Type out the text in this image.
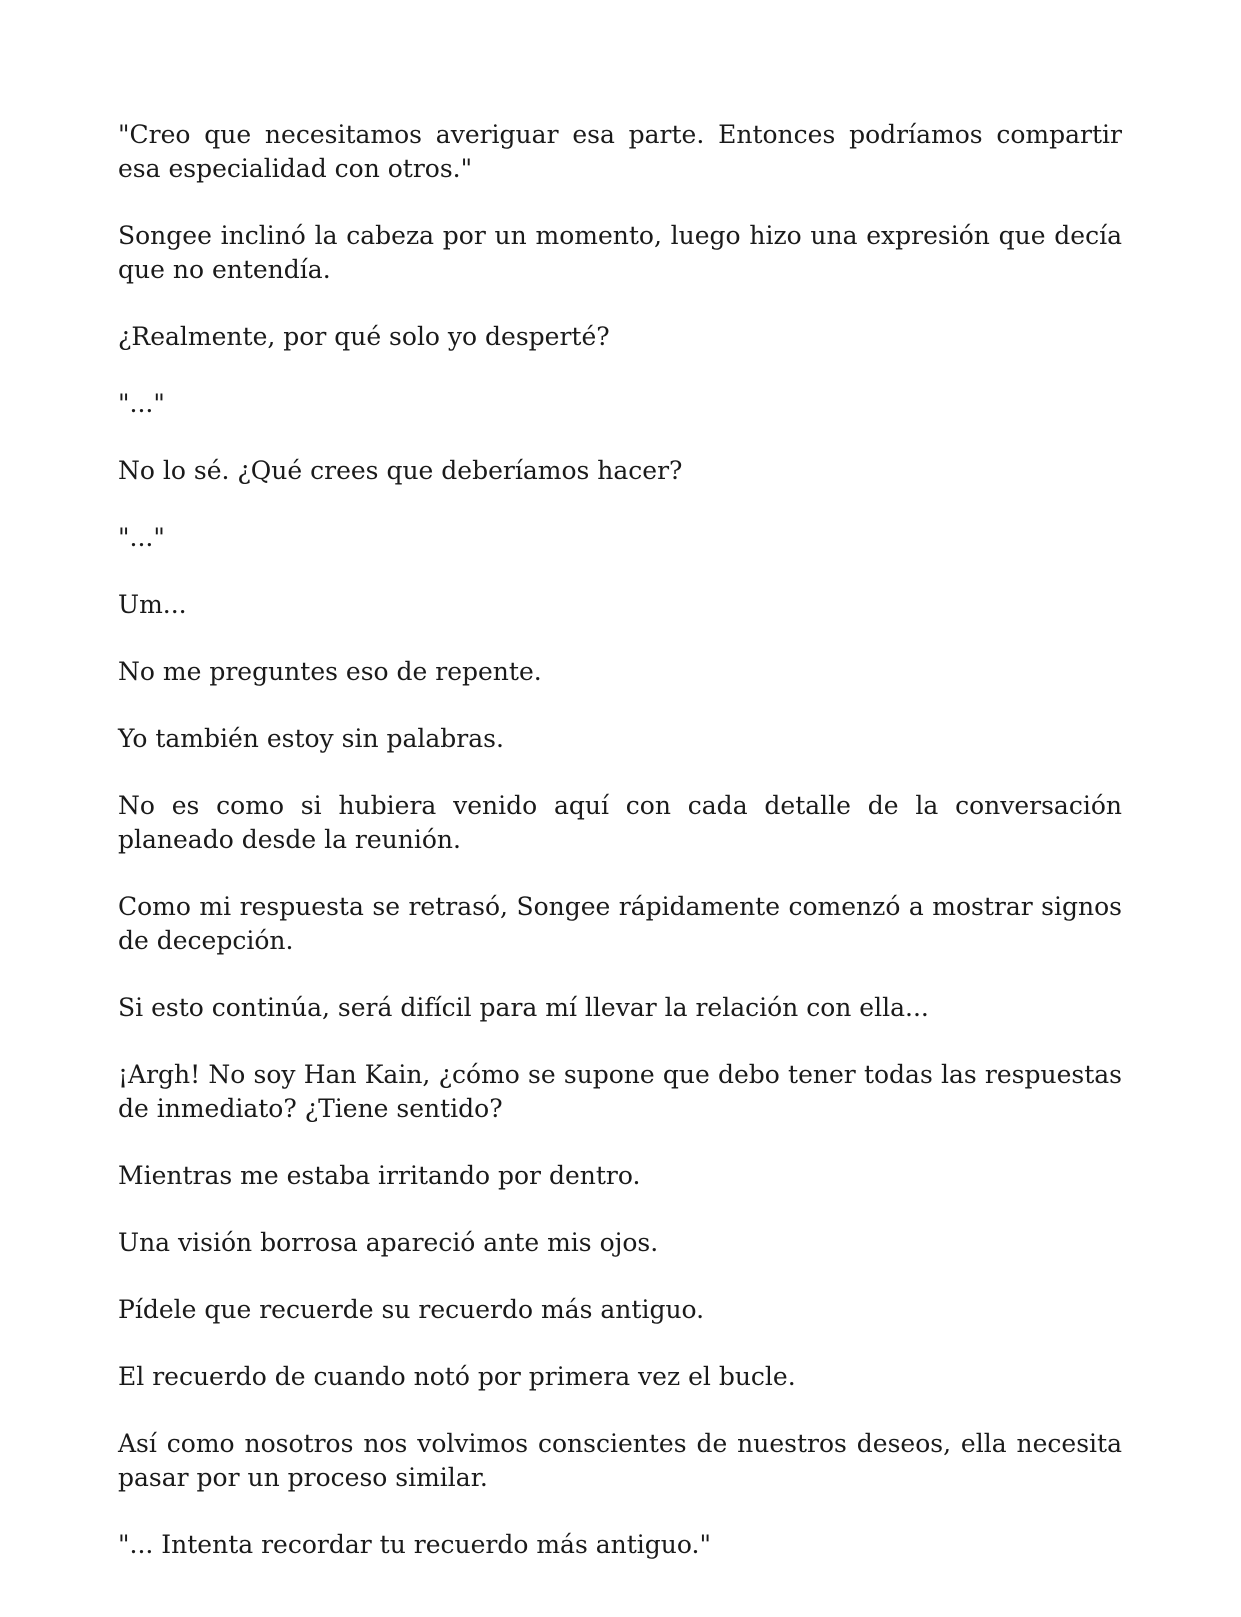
"Creo que necesitamos averiguar esa parte. Entonces podríamos compartir esa especialidad con otros."

Songee inclinó la cabeza por un momento, luego hizo una expresión que decía que no entendía.

¿Realmente, por qué solo yo desperté?

"..."

No lo sé. ¿Qué crees que deberíamos hacer?

"..."

Um...

No me preguntes eso de repente.

Yo también estoy sin palabras.

No es como si hubiera venido aquí con cada detalle de la conversación planeado desde la reunión.

Como mi respuesta se retrasó, Songee rápidamente comenzó a mostrar signos de decepción.

Si esto continúa, será difícil para mí llevar la relación con ella...

¡Argh! No soy Han Kain, ¿cómo se supone que debo tener todas las respuestas de inmediato? ¿Tiene sentido?

Mientras me estaba irritando por dentro.

Una visión borrosa apareció ante mis ojos.

Pídele que recuerde su recuerdo más antiguo.

El recuerdo de cuando notó por primera vez el bucle.

Así como nosotros nos volvimos conscientes de nuestros deseos, ella necesita pasar por un proceso similar.

"... Intenta recordar tu recuerdo más antiguo."
